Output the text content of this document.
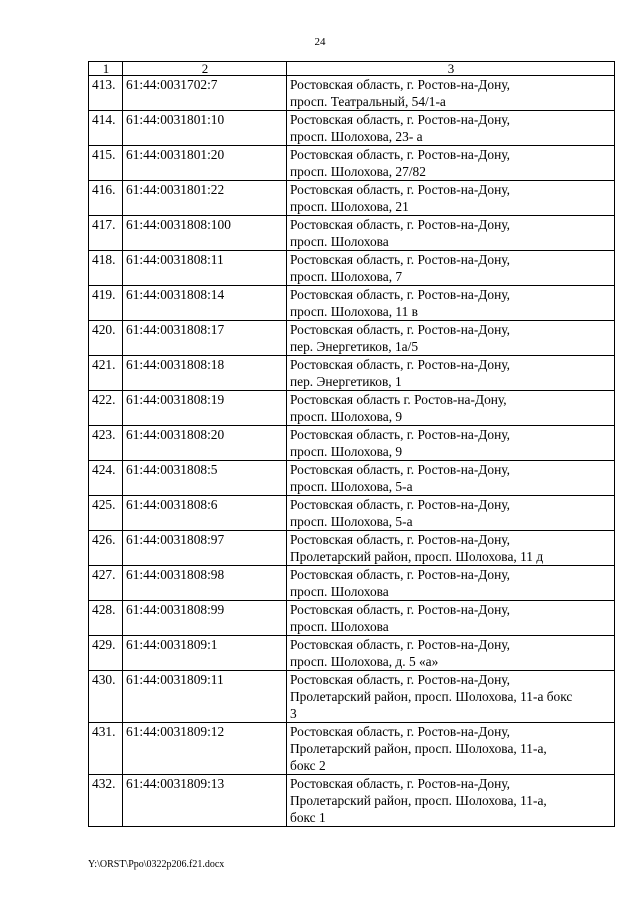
24
1	2	3
413.	61:44:0031702:7	Ростовская область, г. Ростов-на-Дону,
просп. Театральный, 54/1-а

414.	61:44:0031801:10	Ростовская область, г. Ростов-на-Дону,
просп. Шолохова, 23- а

415.	61:44:0031801:20	Ростовская область, г. Ростов-на-Дону,
просп. Шолохова, 27/82

416.	61:44:0031801:22	Ростовская область, г. Ростов-на-Дону,
просп. Шолохова, 21

417.	61:44:0031808:100	Ростовская область, г. Ростов-на-Дону,
просп. Шолохова

418.	61:44:0031808:11	Ростовская область, г. Ростов-на-Дону,
просп. Шолохова, 7

419.	61:44:0031808:14	Ростовская область, г. Ростов-на-Дону,
просп. Шолохова, 11 в

420.	61:44:0031808:17	Ростовская область, г. Ростов-на-Дону,
пер. Энергетиков, 1а/5

421.	61:44:0031808:18	Ростовская область, г. Ростов-на-Дону,
пер. Энергетиков, 1

422.	61:44:0031808:19	Ростовская область г. Ростов-на-Дону,
просп. Шолохова, 9

423.	61:44:0031808:20	Ростовская область, г. Ростов-на-Дону,
просп. Шолохова, 9

424.	61:44:0031808:5	Ростовская область, г. Ростов-на-Дону,
просп. Шолохова, 5-а

425.	61:44:0031808:6	Ростовская область, г. Ростов-на-Дону,
просп. Шолохова, 5-а

426.	61:44:0031808:97	Ростовская область, г. Ростов-на-Дону,
Пролетарский район, просп. Шолохова, 11 д

427.	61:44:0031808:98	Ростовская область, г. Ростов-на-Дону,
просп. Шолохова

428.	61:44:0031808:99	Ростовская область, г. Ростов-на-Дону,
просп. Шолохова

429.	61:44:0031809:1	Ростовская область, г. Ростов-на-Дону,
просп. Шолохова, д. 5 «а»

430.	61:44:0031809:11	Ростовская область, г. Ростов-на-Дону,
Пролетарский район, просп. Шолохова, 11-а бокс
3

431.	61:44:0031809:12	Ростовская область, г. Ростов-на-Дону,
Пролетарский район, просп. Шолохова, 11-а,
бокс 2

432.	61:44:0031809:13	Ростовская область, г. Ростов-на-Дону,
Пролетарский район, просп. Шолохова, 11-а,
бокс 1
Y:\ORST\Ppo\0322p206.f21.docx
